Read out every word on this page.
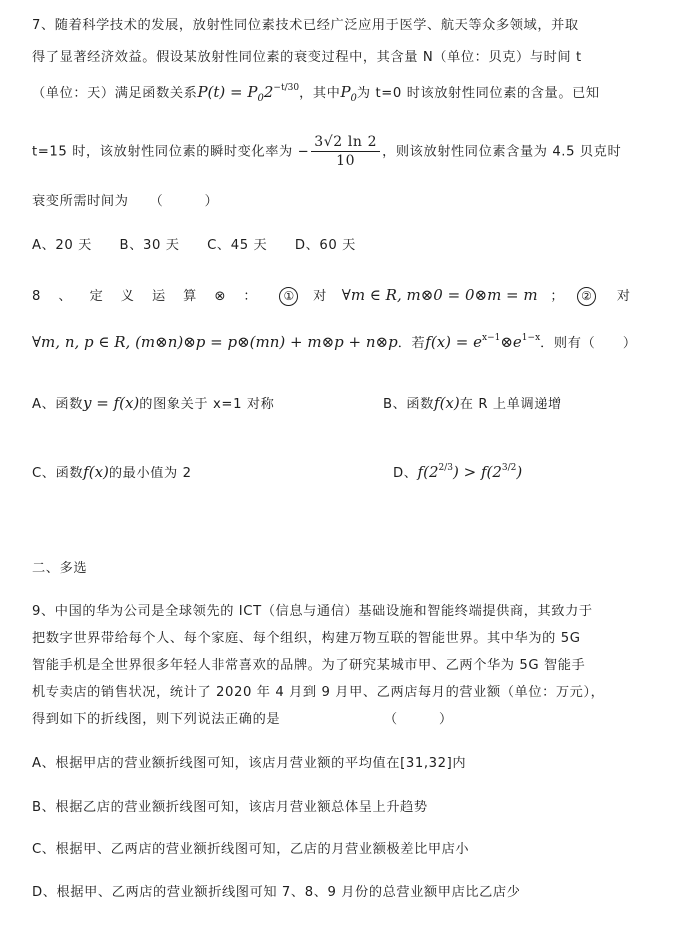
7、随着科学技术的发展，放射性同位素技术已经广泛应用于医学、航天等众多领域，并取
得了显著经济效益。假设某放射性同位素的衰变过程中，其含量 N（单位：贝克）与时间 t
（单位：天）满足函数关系$P(t) = P_02^{-t/30}$，其中$P_0$为 t=0 时该放射性同位素的含量。已知
t=15 时，该放射性同位素的瞬时变化率为 − $\frac{3√2 \ln 2}{10}$ ，则该放射性同位素含量为 4.5 贝克时
衰变所需时间为　　（　　　）
A、20 天　　B、30 天　　C、45 天　　D、60 天
8、定义运算⊗： ① 对 ∀m ∈ R, m⊗0 = 0⊗m = m ； ② 对
∀m, n, p ∈ R, (m⊗n)⊗p = p⊗(mn) + m⊗p + n⊗p．若$f(x) = e^{x-1}\otimes e^{1-x}$．则有（　　）
A、函数y = f(x)的图象关于 x=1 对称	B、函数f(x)在 R 上单调递增
C、函数f(x)的最小值为 2	D、$f(2^{2/3}) > f(2^{3/2})$
二、多选
9、中国的华为公司是全球领先的 ICT（信息与通信）基础设施和智能终端提供商，其致力于
把数字世界带给每个人、每个家庭、每个组织，构建万物互联的智能世界。其中华为的 5G
智能手机是全世界很多年轻人非常喜欢的品牌。为了研究某城市甲、乙两个华为 5G 智能手
机专卖店的销售状况，统计了 2020 年 4 月到 9 月甲、乙两店每月的营业额（单位：万元），
得到如下的折线图，则下列说法正确的是　　　　　　　　（　　　）
A、根据甲店的营业额折线图可知，该店月营业额的平均值在[31,32]内
B、根据乙店的营业额折线图可知，该店月营业额总体呈上升趋势
C、根据甲、乙两店的营业额折线图可知，乙店的月营业额极差比甲店小
D、根据甲、乙两店的营业额折线图可知 7、8、9 月份的总营业额甲店比乙店少
